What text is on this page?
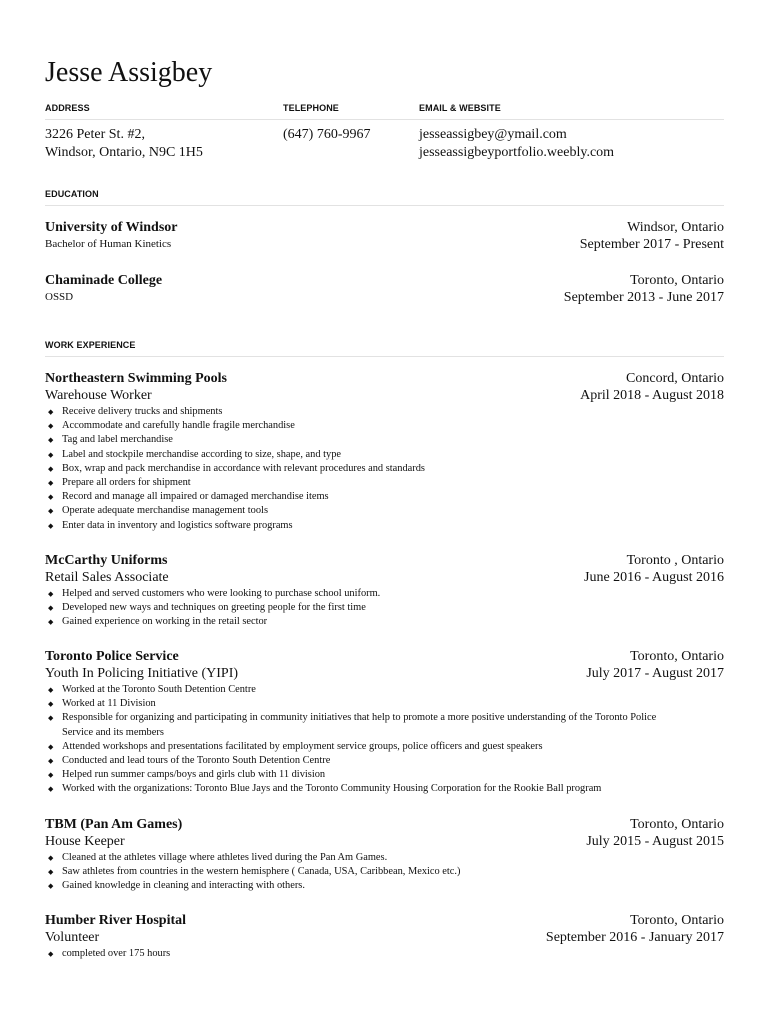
Jesse Assigbey
ADDRESS
3226 Peter St. #2,
Windsor, Ontario, N9C 1H5
TELEPHONE
(647) 760-9967
EMAIL & WEBSITE
jesseassigbey@ymail.com
jesseassigbeyportfolio.weebly.com
EDUCATION
University of Windsor
Bachelor of Human Kinetics
Windsor, Ontario
September 2017 - Present
Chaminade College
OSSD
Toronto, Ontario
September 2013 - June 2017
WORK EXPERIENCE
Northeastern Swimming Pools
Warehouse Worker
Concord, Ontario
April 2018 - August 2018
◆ Receive delivery trucks and shipments
◆ Accommodate and carefully handle fragile merchandise
◆ Tag and label merchandise
◆ Label and stockpile merchandise according to size, shape, and type
◆ Box, wrap and pack merchandise in accordance with relevant procedures and standards
◆ Prepare all orders for shipment
◆ Record and manage all impaired or damaged merchandise items
◆ Operate adequate merchandise management tools
◆ Enter data in inventory and logistics software programs
McCarthy Uniforms
Retail Sales Associate
Toronto , Ontario
June 2016 - August 2016
◆ Helped and served customers who were looking to purchase school uniform.
◆ Developed new ways and techniques on greeting people for the first time
◆ Gained experience on working in the retail sector
Toronto Police Service
Youth In Policing Initiative (YIPI)
Toronto, Ontario
July 2017 - August 2017
◆ Worked at the Toronto South Detention Centre
◆ Worked at 11 Division
◆ Responsible for organizing and participating in community initiatives that help to promote a more positive understanding of the Toronto Police Service and its members
◆ Attended workshops and presentations facilitated by employment service groups, police officers and guest speakers
◆ Conducted and lead tours of the Toronto South Detention Centre
◆ Helped run summer camps/boys and girls club with 11 division
◆ Worked with the organizations: Toronto Blue Jays and the Toronto Community Housing Corporation for the Rookie Ball program
TBM (Pan Am Games)
House Keeper
Toronto, Ontario
July 2015 - August 2015
◆ Cleaned at the athletes village where athletes lived during the Pan Am Games.
◆ Saw athletes from countries in the western hemisphere ( Canada, USA, Caribbean, Mexico etc.)
◆ Gained knowledge in cleaning and interacting with others.
Humber River Hospital
Volunteer
Toronto, Ontario
September 2016 - January 2017
◆ completed over 175 hours
